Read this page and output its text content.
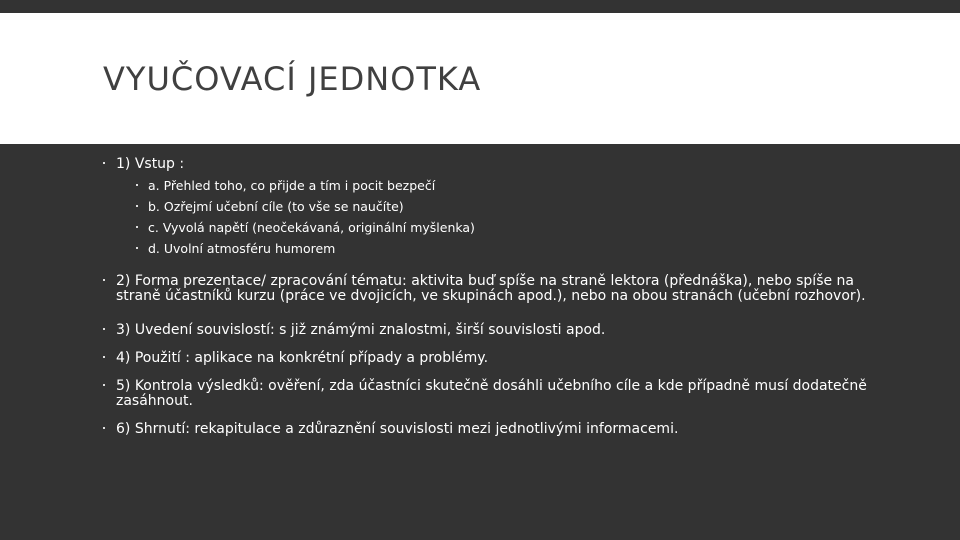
VYUČOVACÍ JEDNOTKA
1) Vstup :
a. Přehled toho, co přijde a tím i pocit bezpečí
b. Ozřejmí učební cíle (to vše se naučíte)
c. Vyvolá napětí (neočekávaná, originální myšlenka)
d. Uvolní atmosféru humorem
2) Forma prezentace/ zpracování tématu: aktivita buď spíše na straně lektora (přednáška), nebo spíše na straně účastníků kurzu (práce ve dvojicích, ve skupinách apod.), nebo na obou stranách (učební rozhovor).
3) Uvedení souvislostí: s již známými znalostmi, širší souvislosti apod.
4) Použití : aplikace na konkrétní případy a problémy.
5) Kontrola výsledků: ověření, zda účastníci skutečně dosáhli učebního cíle a kde případně musí dodatečně zasáhnout.
6) Shrnutí: rekapitulace a zdůraznění souvislosti mezi jednotlivými informacemi.
